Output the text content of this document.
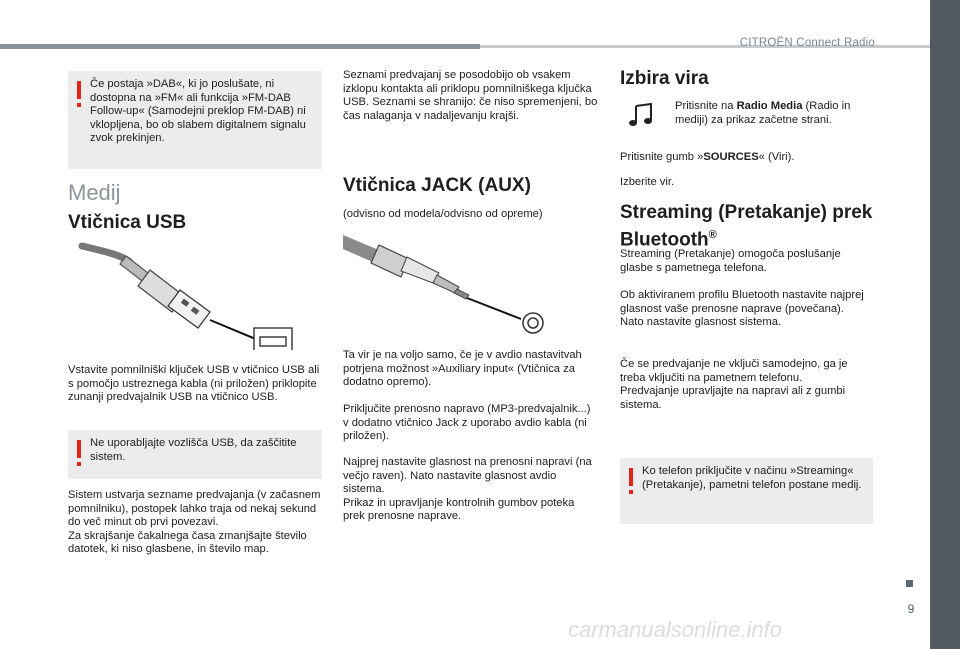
CITROËN Connect Radio
9
carmanualsonline.info

Če postaja »DAB«, ki jo poslušate, ni dostopna na »FM« ali funkcija »FM-DAB Follow-up« (Samodejni preklop FM-DAB) ni vklopljena, bo ob slabem digitalnem signalu zvok prekinjen.

Medij
Vtičnica USB

Vstavite pomnilniški ključek USB v vtičnico USB ali s pomočjo ustreznega kabla (ni priložen) priklopite zunanji predvajalnik USB na vtičnico USB.

Ne uporabljajte vozlišča USB, da zaščitite sistem.

Sistem ustvarja sezname predvajanja (v začasnem pomnilniku), postopek lahko traja od nekaj sekund do več minut ob prvi povezavi.
Za skrajšanje čakalnega časa zmanjšajte število datotek, ki niso glasbene, in število map.

Seznami predvajanj se posodobijo ob vsakem izklopu kontakta ali priklopu pomnilniškega ključka USB. Seznami se shranijo: če niso spremenjeni, bo čas nalaganja v nadaljevanju krajši.

Vtičnica JACK (AUX)

(odvisno od modela/odvisno od opreme)

Ta vir je na voljo samo, če je v avdio nastavitvah potrjena možnost »Auxiliary input« (Vtičnica za dodatno opremo).

Priključite prenosno napravo (MP3-predvajalnik...) v dodatno vtičnico Jack z uporabo avdio kabla (ni priložen).

Najprej nastavite glasnost na prenosni napravi (na večjo raven). Nato nastavite glasnost avdio sistema.
Prikaz in upravljanje kontrolnih gumbov poteka prek prenosne naprave.

Izbira vira

Pritisnite na Radio Media (Radio in mediji) za prikaz začetne strani.

Pritisnite gumb »SOURCES« (Viri).

Izberite vir.

Streaming (Pretakanje) prek Bluetooth®

Streaming (Pretakanje) omogoča poslušanje glasbe s pametnega telefona.

Ob aktiviranem profilu Bluetooth nastavite najprej glasnost vaše prenosne naprave (povečana).
Nato nastavite glasnost sistema.

Če se predvajanje ne vključi samodejno, ga je treba vključiti na pametnem telefonu.
Predvajanje upravljajte na napravi ali z gumbi sistema.

Ko telefon priključite v načinu »Streaming« (Pretakanje), pametni telefon postane medij.
